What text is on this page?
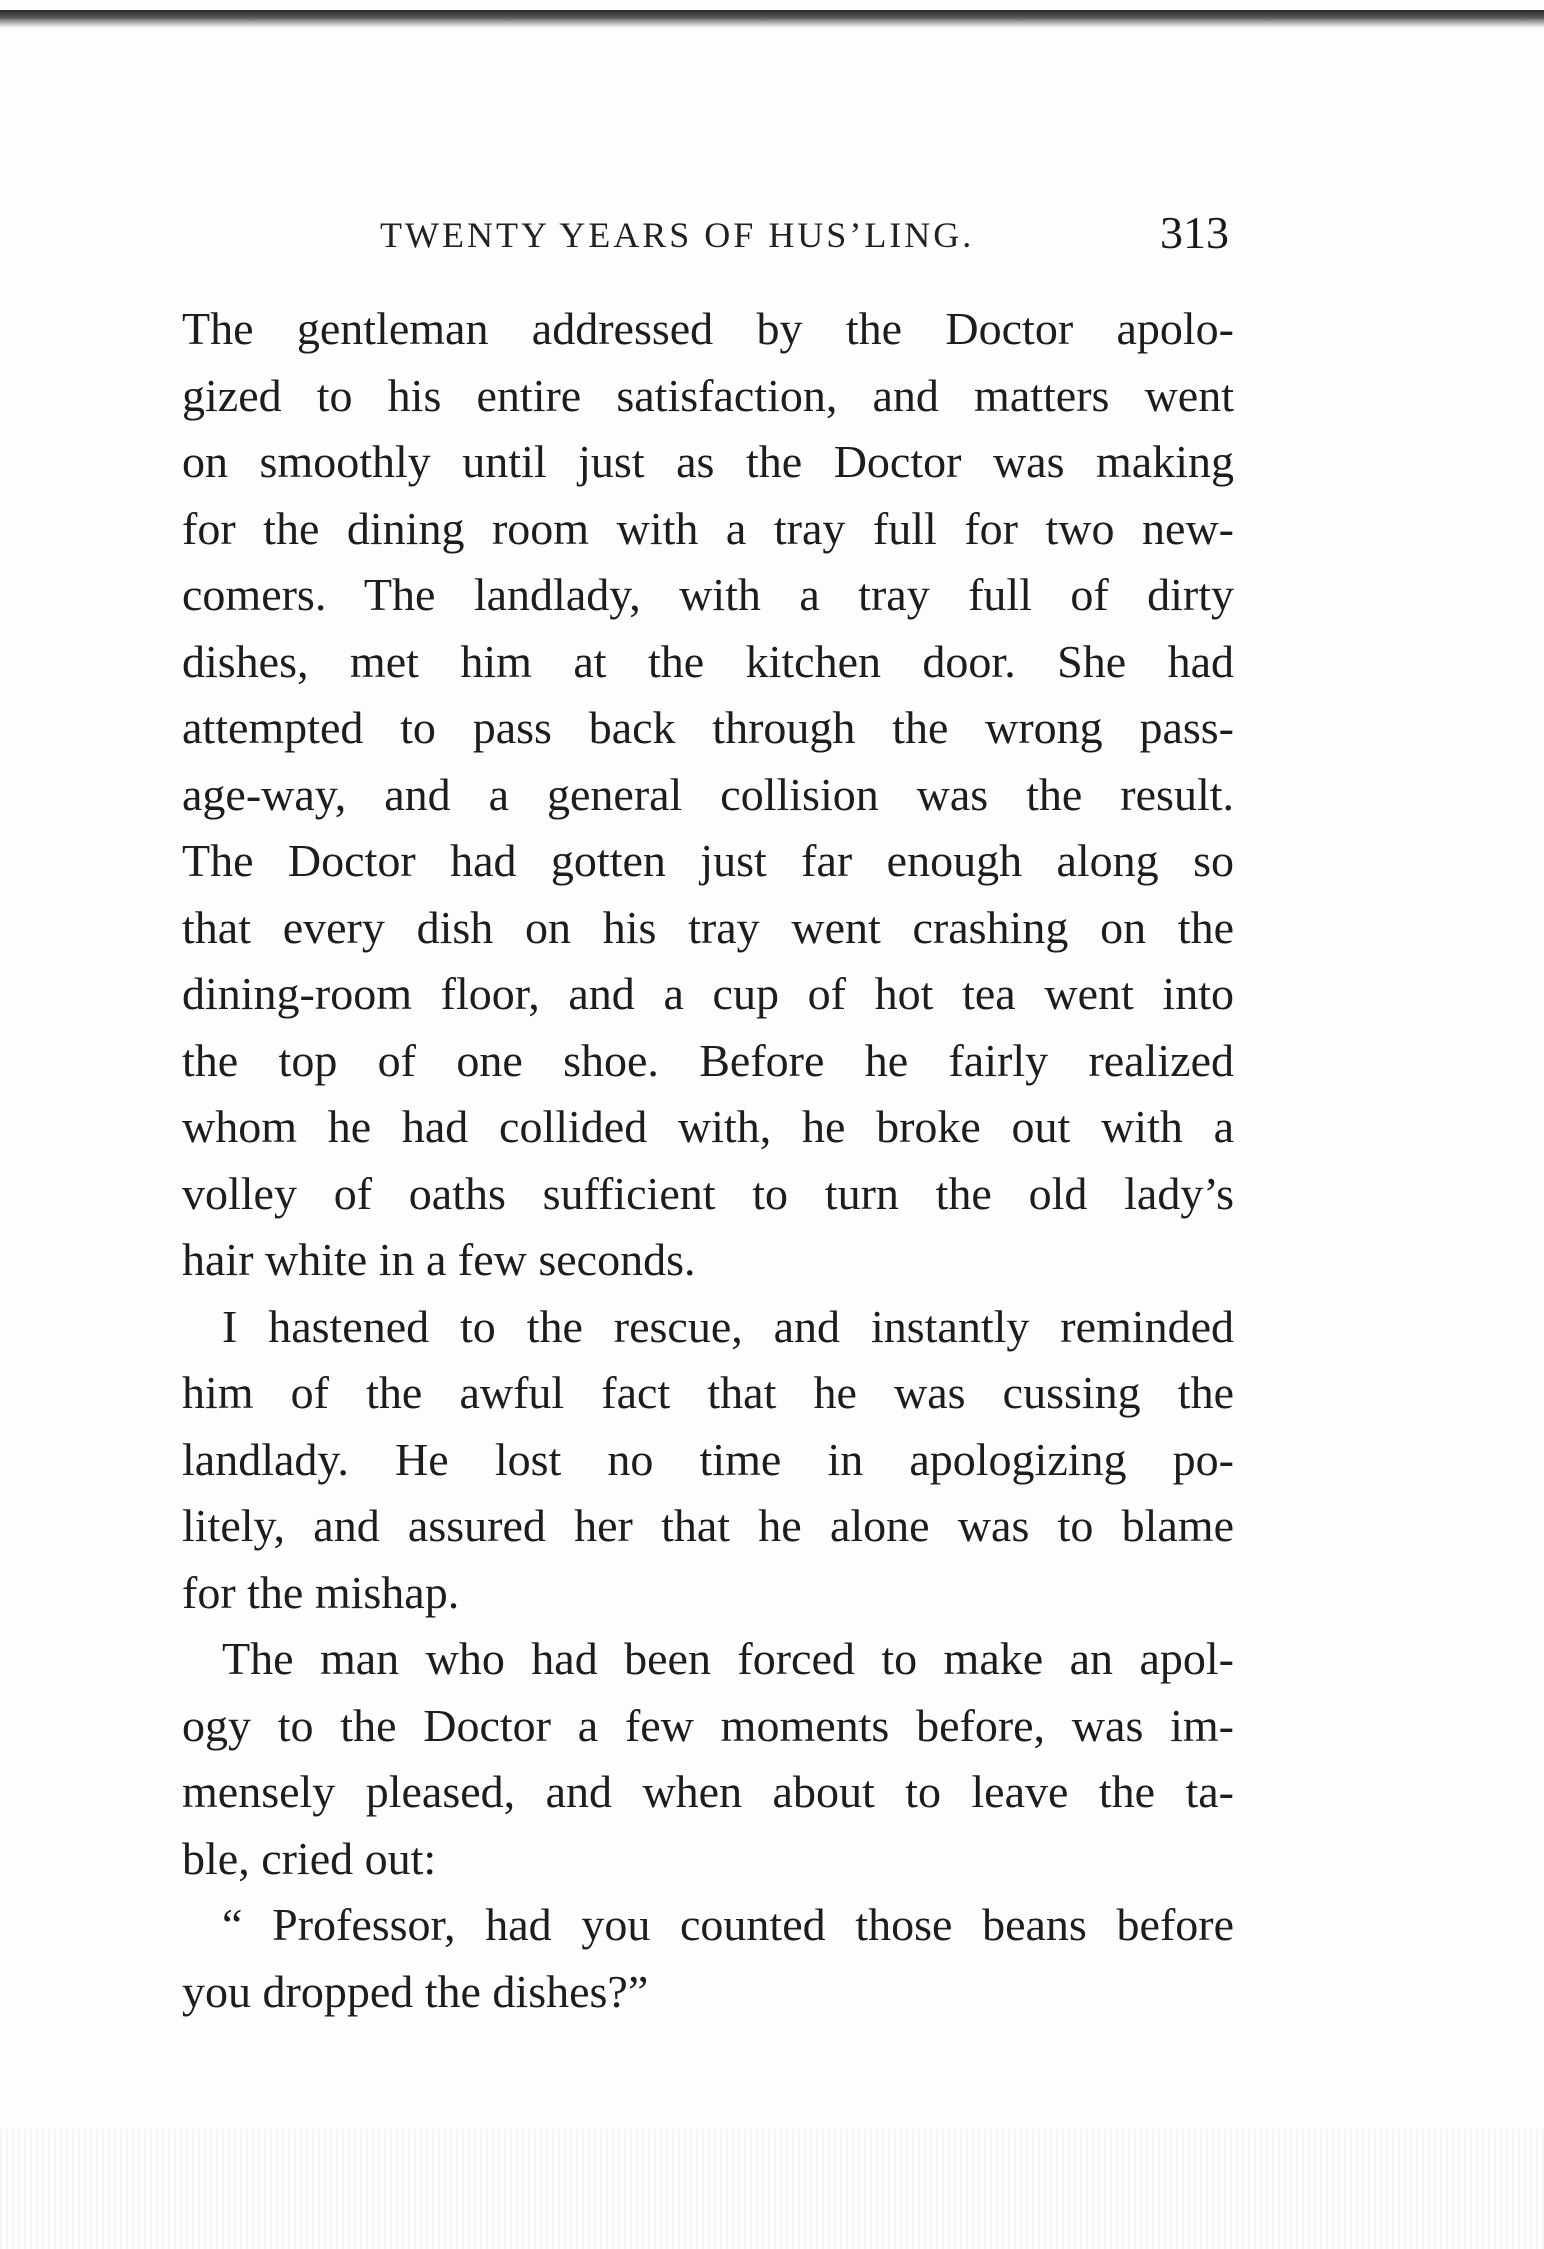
TWENTY YEARS OF HUS’LING.	313
The gentleman addressed by the Doctor apolo-
gized to his entire satisfaction, and matters went
on smoothly until just as the Doctor was making
for the dining room with a tray full for two new-
comers. The landlady, with a tray full of dirty
dishes, met him at the kitchen door. She had
attempted to pass back through the wrong pass-
age-way, and a general collision was the result.
The Doctor had gotten just far enough along so
that every dish on his tray went crashing on the
dining-room floor, and a cup of hot tea went into
the top of one shoe. Before he fairly realized
whom he had collided with, he broke out with a
volley of oaths sufficient to turn the old lady’s
hair white in a few seconds.
I hastened to the rescue, and instantly reminded
him of the awful fact that he was cussing the
landlady. He lost no time in apologizing po-
litely, and assured her that he alone was to blame
for the mishap.
The man who had been forced to make an apol-
ogy to the Doctor a few moments before, was im-
mensely pleased, and when about to leave the ta-
ble, cried out:
“ Professor, had you counted those beans before
you dropped the dishes?”
